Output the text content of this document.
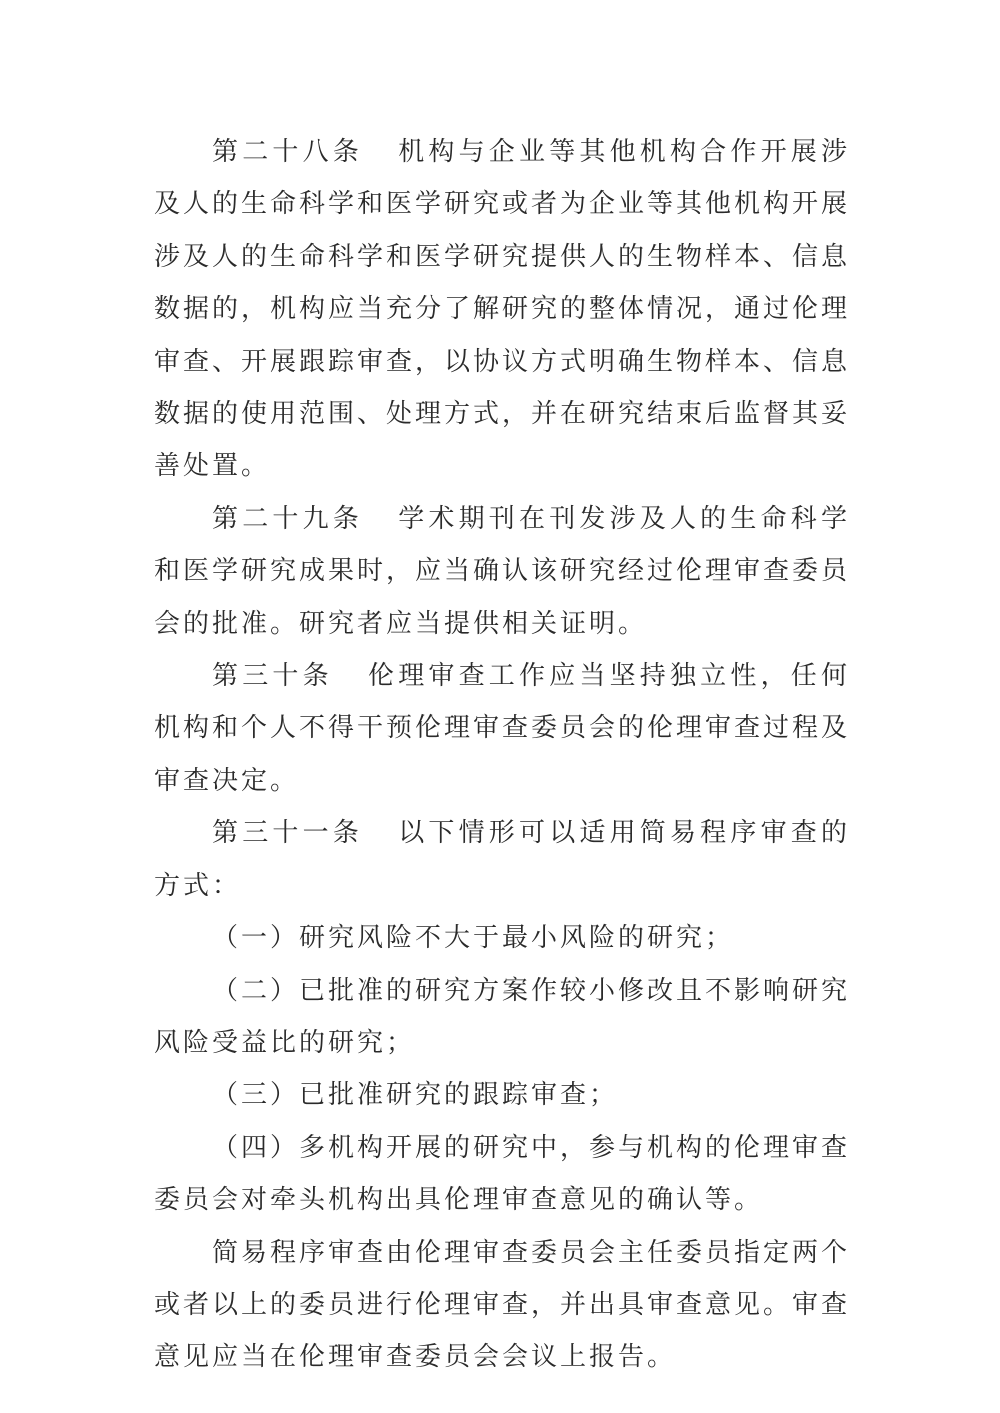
第二十八条 机构与企业等其他机构合作开展涉及人的生命科学和医学研究或者为企业等其他机构开展涉及人的生命科学和医学研究提供人的生物样本、信息数据的，机构应当充分了解研究的整体情况，通过伦理审查、开展跟踪审查，以协议方式明确生物样本、信息数据的使用范围、处理方式，并在研究结束后监督其妥善处置。

第二十九条 学术期刊在刊发涉及人的生命科学和医学研究成果时，应当确认该研究经过伦理审查委员会的批准。研究者应当提供相关证明。

第三十条 伦理审查工作应当坚持独立性，任何机构和个人不得干预伦理审查委员会的伦理审查过程及审查决定。

第三十一条 以下情形可以适用简易程序审查的方式：

（一）研究风险不大于最小风险的研究；

（二）已批准的研究方案作较小修改且不影响研究风险受益比的研究；

（三）已批准研究的跟踪审查；

（四）多机构开展的研究中，参与机构的伦理审查委员会对牵头机构出具伦理审查意见的确认等。

简易程序审查由伦理审查委员会主任委员指定两个或者以上的委员进行伦理审查，并出具审查意见。审查意见应当在伦理审查委员会会议上报告。
